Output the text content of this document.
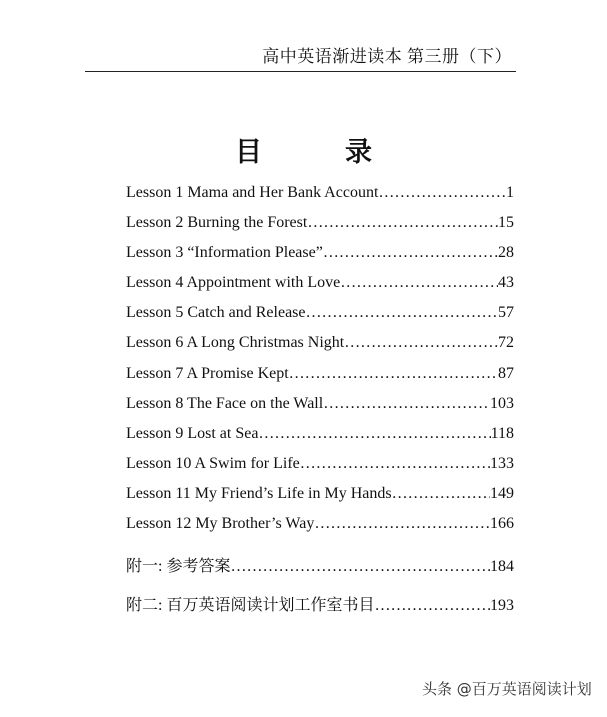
高中英语渐进读本 第三册（下）
目　录
Lesson 1 Mama and Her Bank Account ……………………………………………………………………………………	1
Lesson 2 Burning the Forest ……………………………………………………………………………………	15
Lesson 3 “Information Please” ……………………………………………………………………………………	28
Lesson 4 Appointment with Love ……………………………………………………………………………………	43
Lesson 5 Catch and Release ……………………………………………………………………………………	57
Lesson 6 A Long Christmas Night ……………………………………………………………………………………	72
Lesson 7 A Promise Kept ……………………………………………………………………………………	87
Lesson 8 The Face on the Wall ……………………………………………………………………………………	103
Lesson 9 Lost at Sea ……………………………………………………………………………………	118
Lesson 10 A Swim for Life ……………………………………………………………………………………	133
Lesson 11 My Friend’s Life in My Hands ……………………………………………………………………………………	149
Lesson 12 My Brother’s Way ……………………………………………………………………………………	166
附一: 参考答案 ……………………………………………………………………………………	184
附二: 百万英语阅读计划工作室书目 ……………………………………………………………………………………	193
头条 @百万英语阅读计划
